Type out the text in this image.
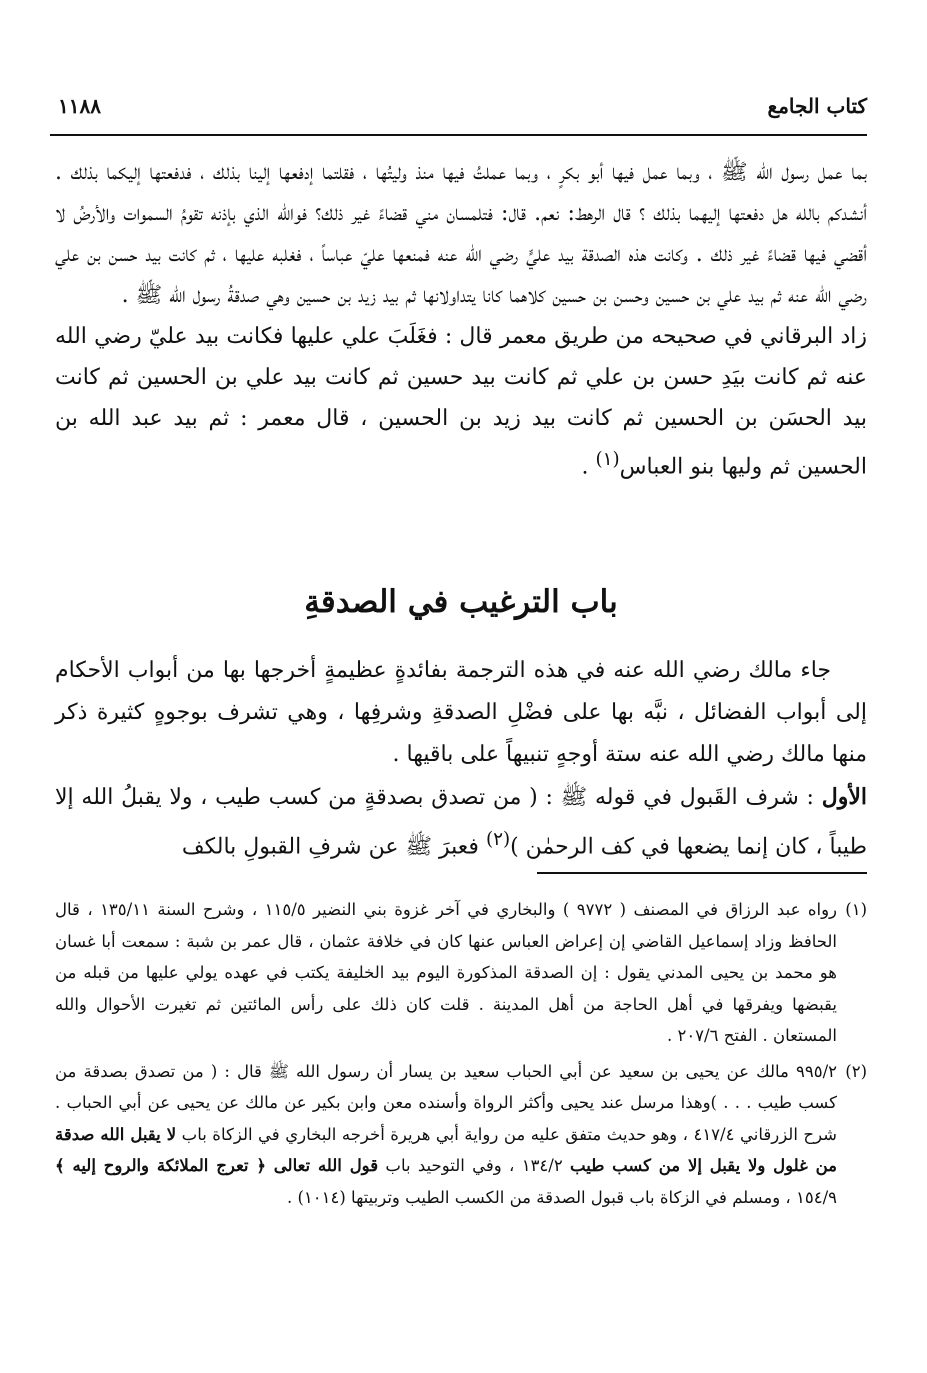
كتاب الجامع
١١٨٨

بما عمل رسول الله ﷺ ، وبما عمل فيها أبو بكرٍ ، وبما عملتُ فيها منذ وليتُها ، فقلتما إدفعها إلينا بذلك ، فدفعتها إليكما بذلك . أنشدكم بالله هل دفعتها إليهما بذلك ؟ قال الرهط: نعم. قال: فتلمسان مني قضاءً غير ذلك؟ فوالله الذي بإذنه تقومُ السموات والأرضُ لا أقضي فيها قضاءً غير ذلك . وكانت هذه الصدقة بيد عليٍّ رضي الله عنه فمنعها عليّ عباساً ، فغلبه عليها ، ثم كانت بيد حسن بن علي رضي الله عنه ثم بيد علي بن حسين وحسن بن حسين كلاهما كانا يتداولانها ثم بيد زيد بن حسين وهي صدقةُ رسول الله ﷺ .

زاد البرقاني في صحيحه من طريق معمر قال : فغَلَبَ علي عليها فكانت بيد عليّ رضي الله عنه ثم كانت بيَدِ حسن بن علي ثم كانت بيد حسين ثم كانت بيد علي بن الحسين ثم كانت بيد الحسَن بن الحسين ثم كانت بيد زيد بن الحسين ، قال معمر : ثم بيد عبد الله بن الحسين ثم وليها بنو العباس$^{(١)}$ .

باب الترغيب في الصدقةِ

جاء مالك رضي الله عنه في هذه الترجمة بفائدةٍ عظيمةٍ أخرجها بها من أبواب الأحكام إلى أبواب الفضائل ، نبَّه بها على فضْلِ الصدقةِ وشرفِها ، وهي تشرف بوجوهٍ كثيرة ذكر منها مالك رضي الله عنه ستة أوجهٍ تنبيهاً على باقيها .

الأول : شرف القَبول في قوله ﷺ : ( من تصدق بصدقةٍ من كسب طيب ، ولا يقبلُ الله إلا طيباً ، كان إنما يضعها في كف الرحمٰن )$^{(٢)}$ فعبرَ ﷺ عن شرفِ القبولِ بالكف

(١)
رواه عبد الرزاق في المصنف ( ٩٧٧٢ ) والبخاري في آخر غزوة بني النضير ١١٥/٥ ، وشرح السنة ١٣٥/١١ ، قال الحافظ وزاد إسماعيل القاضي إن إعراض العباس عنها كان في خلافة عثمان ، قال عمر بن شبة : سمعت أبا غسان هو محمد بن يحيى المدني يقول : إن الصدقة المذكورة اليوم بيد الخليفة يكتب في عهده يولي عليها من قبله من يقبضها ويفرقها في أهل الحاجة من أهل المدينة . قلت كان ذلك على رأس المائتين ثم تغيرت الأحوال والله المستعان . الفتح ٢٠٧/٦ .

(٢)
٩٩٥/٢ مالك عن يحيى بن سعيد عن أبي الحباب سعيد بن يسار أن رسول الله ﷺ قال : ( من تصدق بصدقة من كسب طيب . . . )وهذا مرسل عند يحيى وأكثر الرواة وأسنده معن وابن بكير عن مالك عن يحيى عن أبي الحباب . شرح الزرقاني ٤١٧/٤ ، وهو حديث متفق عليه من رواية أبي هريرة أخرجه البخاري في الزكاة باب لا يقبل الله صدقة من غلول ولا يقبل إلا من كسب طيب ١٣٤/٢ ، وفي التوحيد باب قول الله تعالى ﴿ تعرج الملائكة والروح إليه ﴾ ١٥٤/٩ ، ومسلم في الزكاة باب قبول الصدقة من الكسب الطيب وتربيتها (١٠١٤) .
